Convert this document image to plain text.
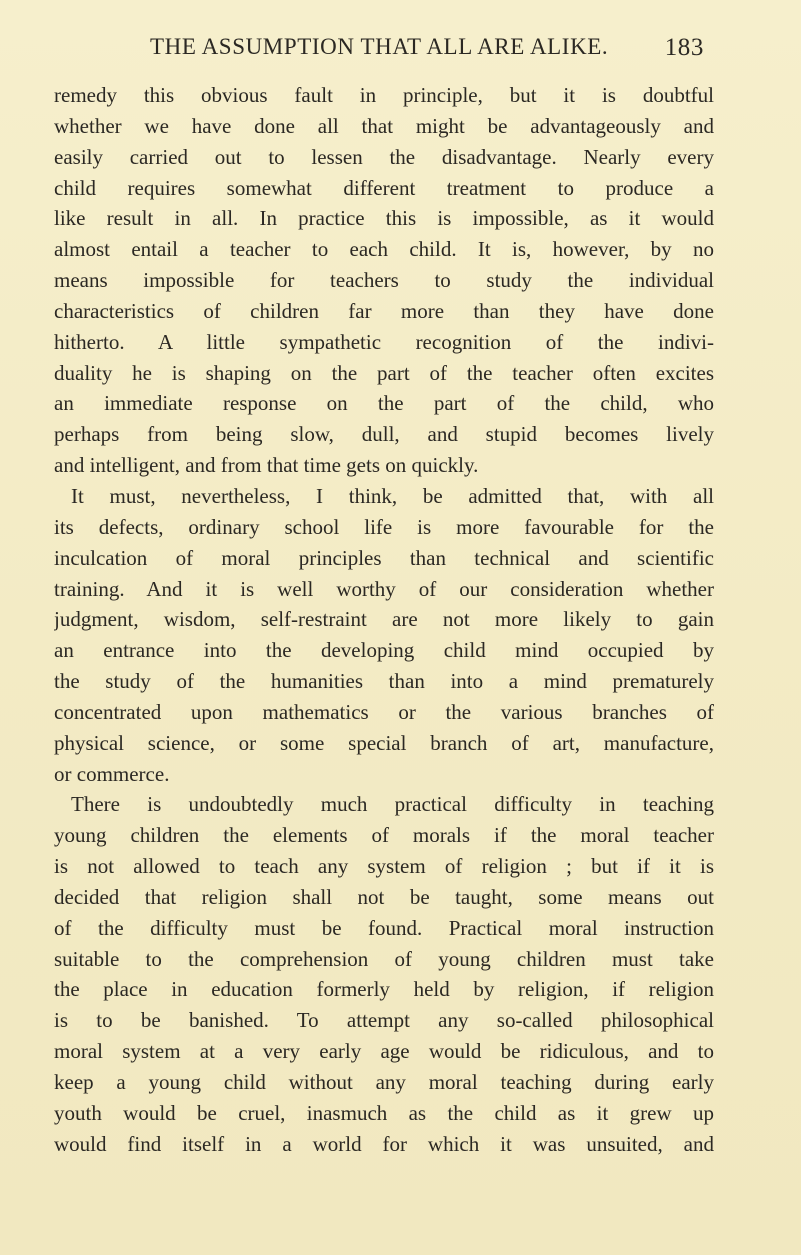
THE ASSUMPTION THAT ALL ARE ALIKE. 183
remedy this obvious fault in principle, but it is doubtful
whether we have done all that might be advantageously and
easily carried out to lessen the disadvantage. Nearly every
child requires somewhat different treatment to produce a
like result in all. In practice this is impossible, as it would
almost entail a teacher to each child. It is, however, by no
means impossible for teachers to study the individual
characteristics of children far more than they have done
hitherto. A little sympathetic recognition of the indivi-
duality he is shaping on the part of the teacher often excites
an immediate response on the part of the child, who
perhaps from being slow, dull, and stupid becomes lively
and intelligent, and from that time gets on quickly.
It must, nevertheless, I think, be admitted that, with all
its defects, ordinary school life is more favourable for the
inculcation of moral principles than technical and scientific
training. And it is well worthy of our consideration whether
judgment, wisdom, self-restraint are not more likely to gain
an entrance into the developing child mind occupied by
the study of the humanities than into a mind prematurely
concentrated upon mathematics or the various branches of
physical science, or some special branch of art, manufacture,
or commerce.
There is undoubtedly much practical difficulty in teaching
young children the elements of morals if the moral teacher
is not allowed to teach any system of religion ; but if it is
decided that religion shall not be taught, some means out
of the difficulty must be found. Practical moral instruction
suitable to the comprehension of young children must take
the place in education formerly held by religion, if religion
is to be banished. To attempt any so-called philosophical
moral system at a very early age would be ridiculous, and to
keep a young child without any moral teaching during early
youth would be cruel, inasmuch as the child as it grew up
would find itself in a world for which it was unsuited, and
